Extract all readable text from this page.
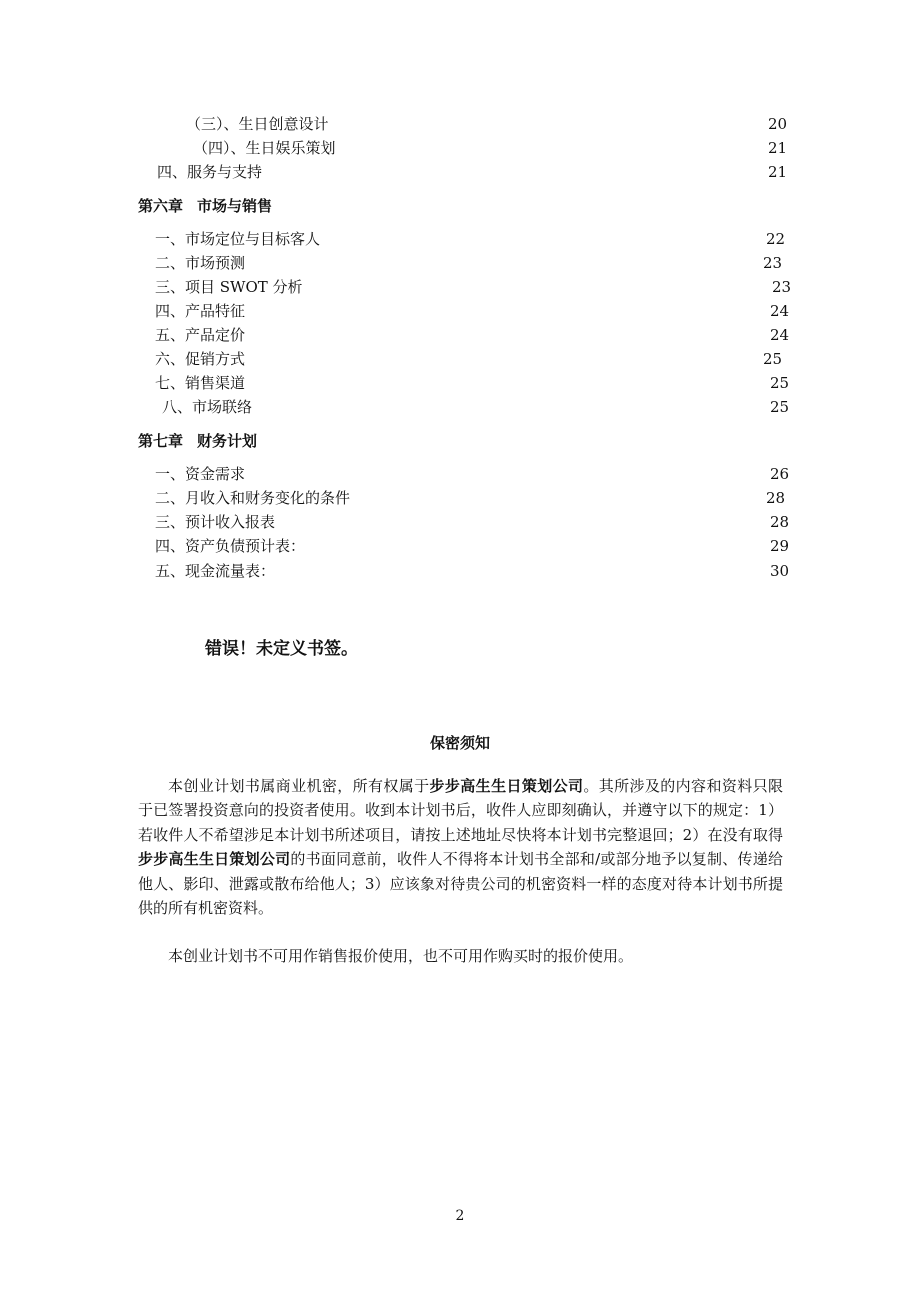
（三）、生日创意设计	20
（四）、生日娱乐策划	21
四、服务与支持	21
第六章 市场与销售
一、市场定位与目标客人	22
二、市场预测	23
三、项目 SWOT 分析	23
四、产品特征	24
五、产品定价	24
六、促销方式	25
七、销售渠道	25
八、市场联络	25
第七章 财务计划
一、资金需求	26
二、月收入和财务变化的条件	28
三、预计收入报表	28
四、资产负债预计表：	29
五、现金流量表：	30
错误！未定义书签。
保密须知
本创业计划书属商业机密，所有权属于步步高生生日策划公司。其所涉及的内容和资料只限于已签署投资意向的投资者使用。收到本计划书后，收件人应即刻确认，并遵守以下的规定：1）若收件人不希望涉足本计划书所述项目，请按上述地址尽快将本计划书完整退回；2）在没有取得步步高生生日策划公司的书面同意前，收件人不得将本计划书全部和/或部分地予以复制、传递给他人、影印、泄露或散布给他人；3）应该象对待贵公司的机密资料一样的态度对待本计划书所提供的所有机密资料。
本创业计划书不可用作销售报价使用，也不可用作购买时的报价使用。
2
